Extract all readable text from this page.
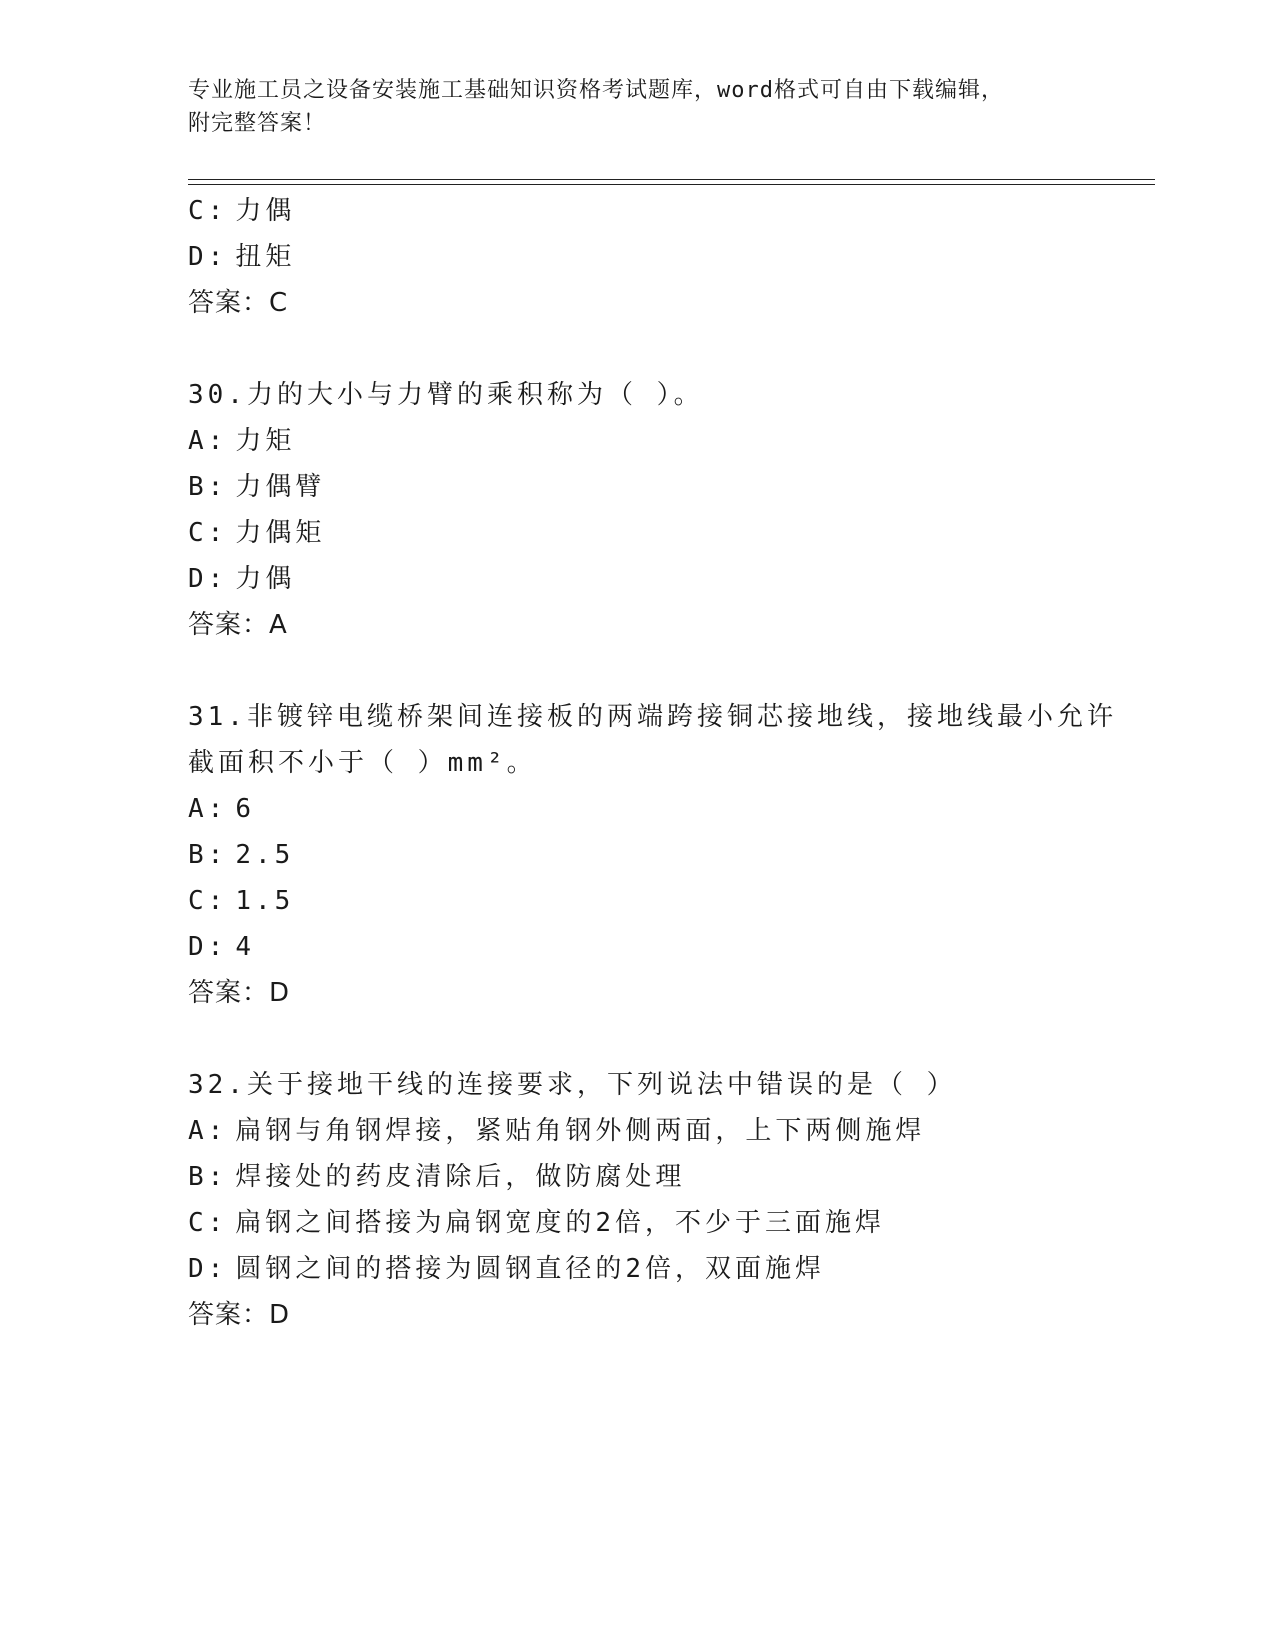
专业施工员之设备安装施工基础知识资格考试题库，word格式可自由下载编辑，
附完整答案！
C: 力偶
D: 扭矩
答案：C
30.力的大小与力臂的乘积称为（ ）。
A: 力矩
B: 力偶臂
C: 力偶矩
D: 力偶
答案：A
31.非镀锌电缆桥架间连接板的两端跨接铜芯接地线，接地线最小允许
截面积不小于（ ）mm²。
A: 6
B: 2.5
C: 1.5
D: 4
答案：D
32.关于接地干线的连接要求，下列说法中错误的是（ ）
A: 扁钢与角钢焊接，紧贴角钢外侧两面，上下两侧施焊
B: 焊接处的药皮清除后，做防腐处理
C: 扁钢之间搭接为扁钢宽度的2倍，不少于三面施焊
D: 圆钢之间的搭接为圆钢直径的2倍，双面施焊
答案：D
